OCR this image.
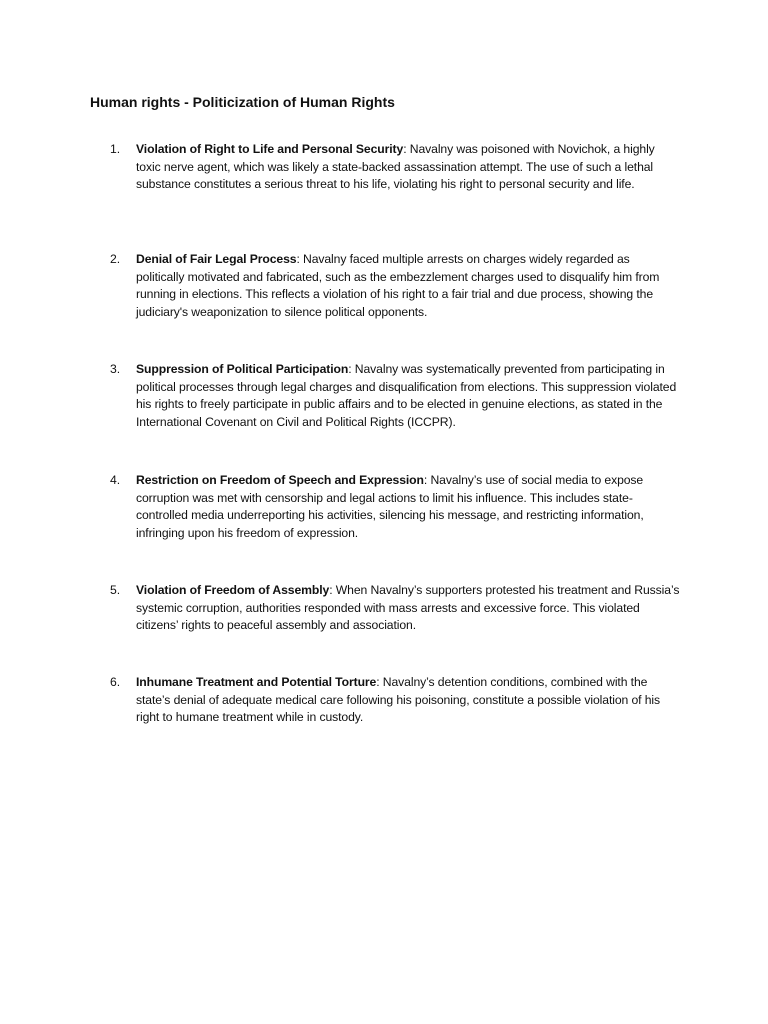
Human rights - Politicization of Human Rights
1.	Violation of Right to Life and Personal Security: Navalny was poisoned with Novichok, a highly toxic nerve agent, which was likely a state-backed assassination attempt. The use of such a lethal substance constitutes a serious threat to his life, violating his right to personal security and life.
2.	Denial of Fair Legal Process: Navalny faced multiple arrests on charges widely regarded as politically motivated and fabricated, such as the embezzlement charges used to disqualify him from running in elections. This reflects a violation of his right to a fair trial and due process, showing the judiciary's weaponization to silence political opponents.
3.	Suppression of Political Participation: Navalny was systematically prevented from participating in political processes through legal charges and disqualification from elections. This suppression violated his rights to freely participate in public affairs and to be elected in genuine elections, as stated in the International Covenant on Civil and Political Rights (ICCPR).
4.	Restriction on Freedom of Speech and Expression: Navalny’s use of social media to expose corruption was met with censorship and legal actions to limit his influence. This includes state-controlled media underreporting his activities, silencing his message, and restricting information, infringing upon his freedom of expression.
5.	Violation of Freedom of Assembly: When Navalny’s supporters protested his treatment and Russia’s systemic corruption, authorities responded with mass arrests and excessive force. This violated citizens’ rights to peaceful assembly and association.
6.	Inhumane Treatment and Potential Torture: Navalny’s detention conditions, combined with the state’s denial of adequate medical care following his poisoning, constitute a possible violation of his right to humane treatment while in custody.
